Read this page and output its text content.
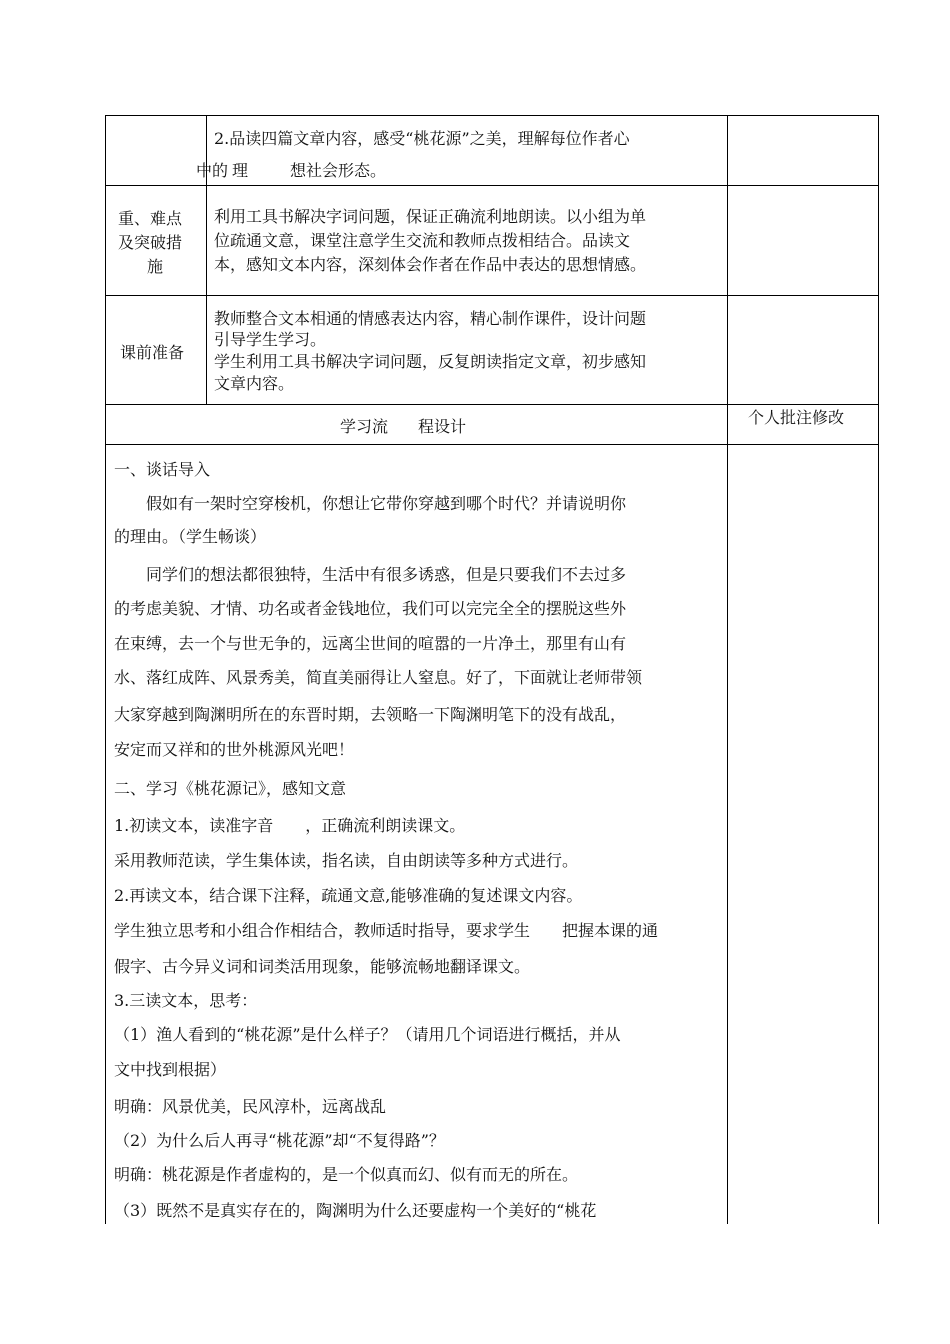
2.品读四篇文章内容，感受“桃花源”之美，理解每位作者心
中的 理	想社会形态。
重、难点
及突破措
施
利用工具书解决字词问题，保证正确流利地朗读。以小组为单
位疏通文意，课堂注意学生交流和教师点拨相结合。品读文
本，感知文本内容，深刻体会作者在作品中表达的思想情感。
课前准备
教师整合文本相通的情感表达内容，精心制作课件，设计问题
引导学生学习。
学生利用工具书解决字词问题，反复朗读指定文章，初步感知
文章内容。
学习流 程设计	个人批注修改
一、谈话导入
　　假如有一架时空穿梭机，你想让它带你穿越到哪个时代？并请说明你
的理由。（学生畅谈）
　　同学们的想法都很独特，生活中有很多诱惑，但是只要我们不去过多
的考虑美貌、才情、功名或者金钱地位，我们可以完完全全的摆脱这些外
在束缚，去一个与世无争的，远离尘世间的喧嚣的一片净土，那里有山有
水、落红成阵、风景秀美，简直美丽得让人窒息。好了，下面就让老师带领
大家穿越到陶渊明所在的东晋时期，去领略一下陶渊明笔下的没有战乱，
安定而又祥和的世外桃源风光吧！
二、学习《桃花源记》，感知文意
1.初读文本，读准字音　　，正确流利朗读课文。
采用教师范读，学生集体读，指名读，自由朗读等多种方式进行。
2.再读文本，结合课下注释，疏通文意,能够准确的复述课文内容。
学生独立思考和小组合作相结合，教师适时指导，要求学生　　把握本课的通
假字、古今异义词和词类活用现象，能够流畅地翻译课文。
3.三读文本，思考：
（1）渔人看到的“桃花源”是什么样子？（请用几个词语进行概括，并从
文中找到根据）
明确：风景优美，民风淳朴，远离战乱
（2）为什么后人再寻“桃花源”却“不复得路”？
明确：桃花源是作者虚构的，是一个似真而幻、似有而无的所在。
（3）既然不是真实存在的，陶渊明为什么还要虚构一个美好的“桃花
